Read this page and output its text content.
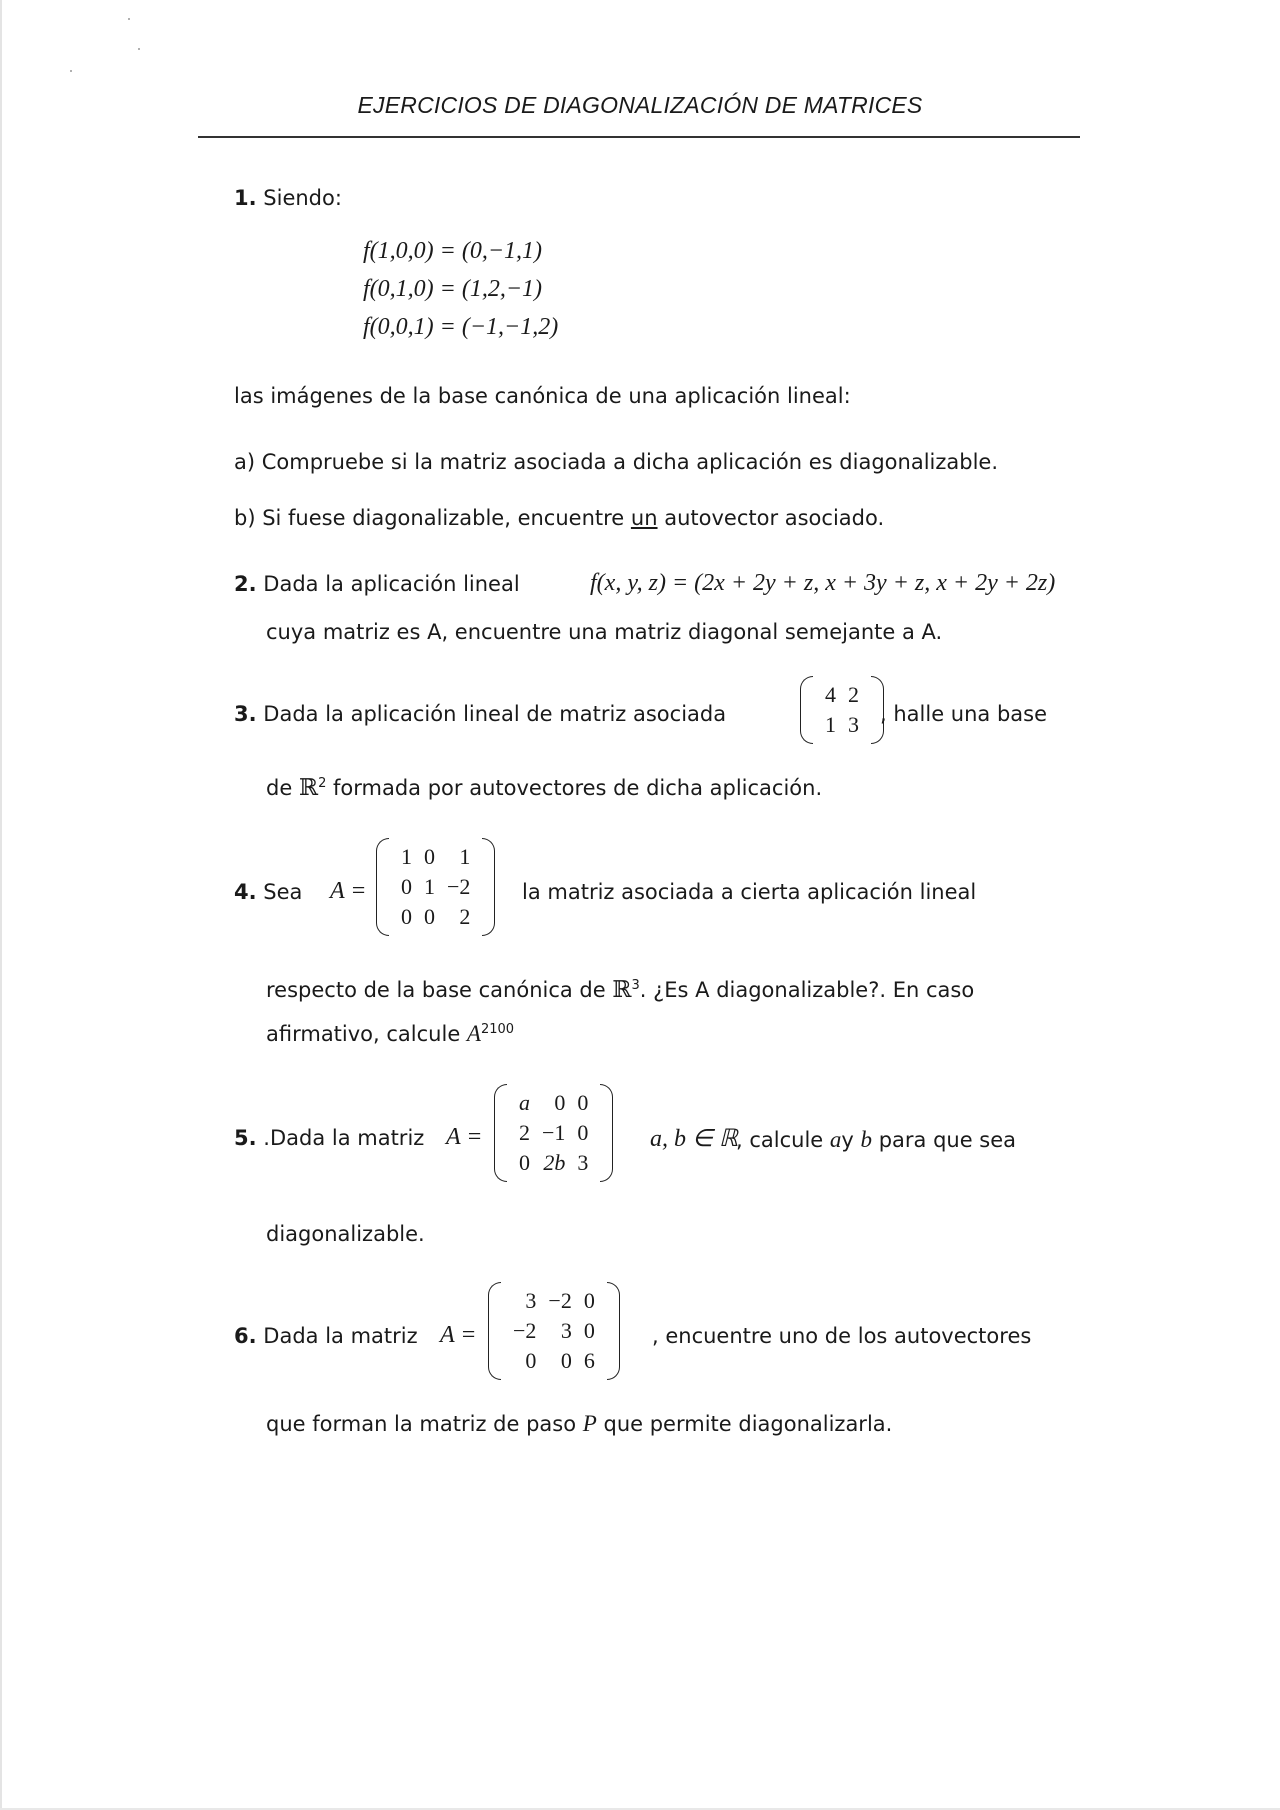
EJERCICIOS DE DIAGONALIZACIÓN DE MATRICES
1. Siendo:
f(1,0,0) = (0,−1,1)
f(0,1,0) = (1,2,−1)
f(0,0,1) = (−1,−1,2)
las imágenes de la base canónica de una aplicación lineal:
a) Compruebe si la matriz asociada a dicha aplicación es diagonalizable.
b) Si fuese diagonalizable, encuentre un autovector asociado.
2. Dada la aplicación lineal	f(x, y, z) = (2x + 2y + z, x + 3y + z, x + 2y + 2z)
cuya matriz es A, encuentre una matriz diagonal semejante a A.
3. Dada la aplicación lineal de matriz asociada
4 2
1 3 , halle una base
de ℝ$^2$ formada por autovectores de dicha aplicación.
4. Sea A =
1 0 1
0 1 −2
0 0 2
la matriz asociada a cierta aplicación lineal
respecto de la base canónica de ℝ$^3$. ¿Es A diagonalizable?. En caso
afirmativo, calcule $A^{2100}$
5. .Dada la matriz A =
a 0 0
2 −1 0
0 2b 3
a, b ∈ ℝ
, calcule ay b para que sea
diagonalizable.
6. Dada la matriz A =
3 −2 0
−2 3 0
0 0 6
, encuentre uno de los autovectores
que forman la matriz de paso P que permite diagonalizarla.
